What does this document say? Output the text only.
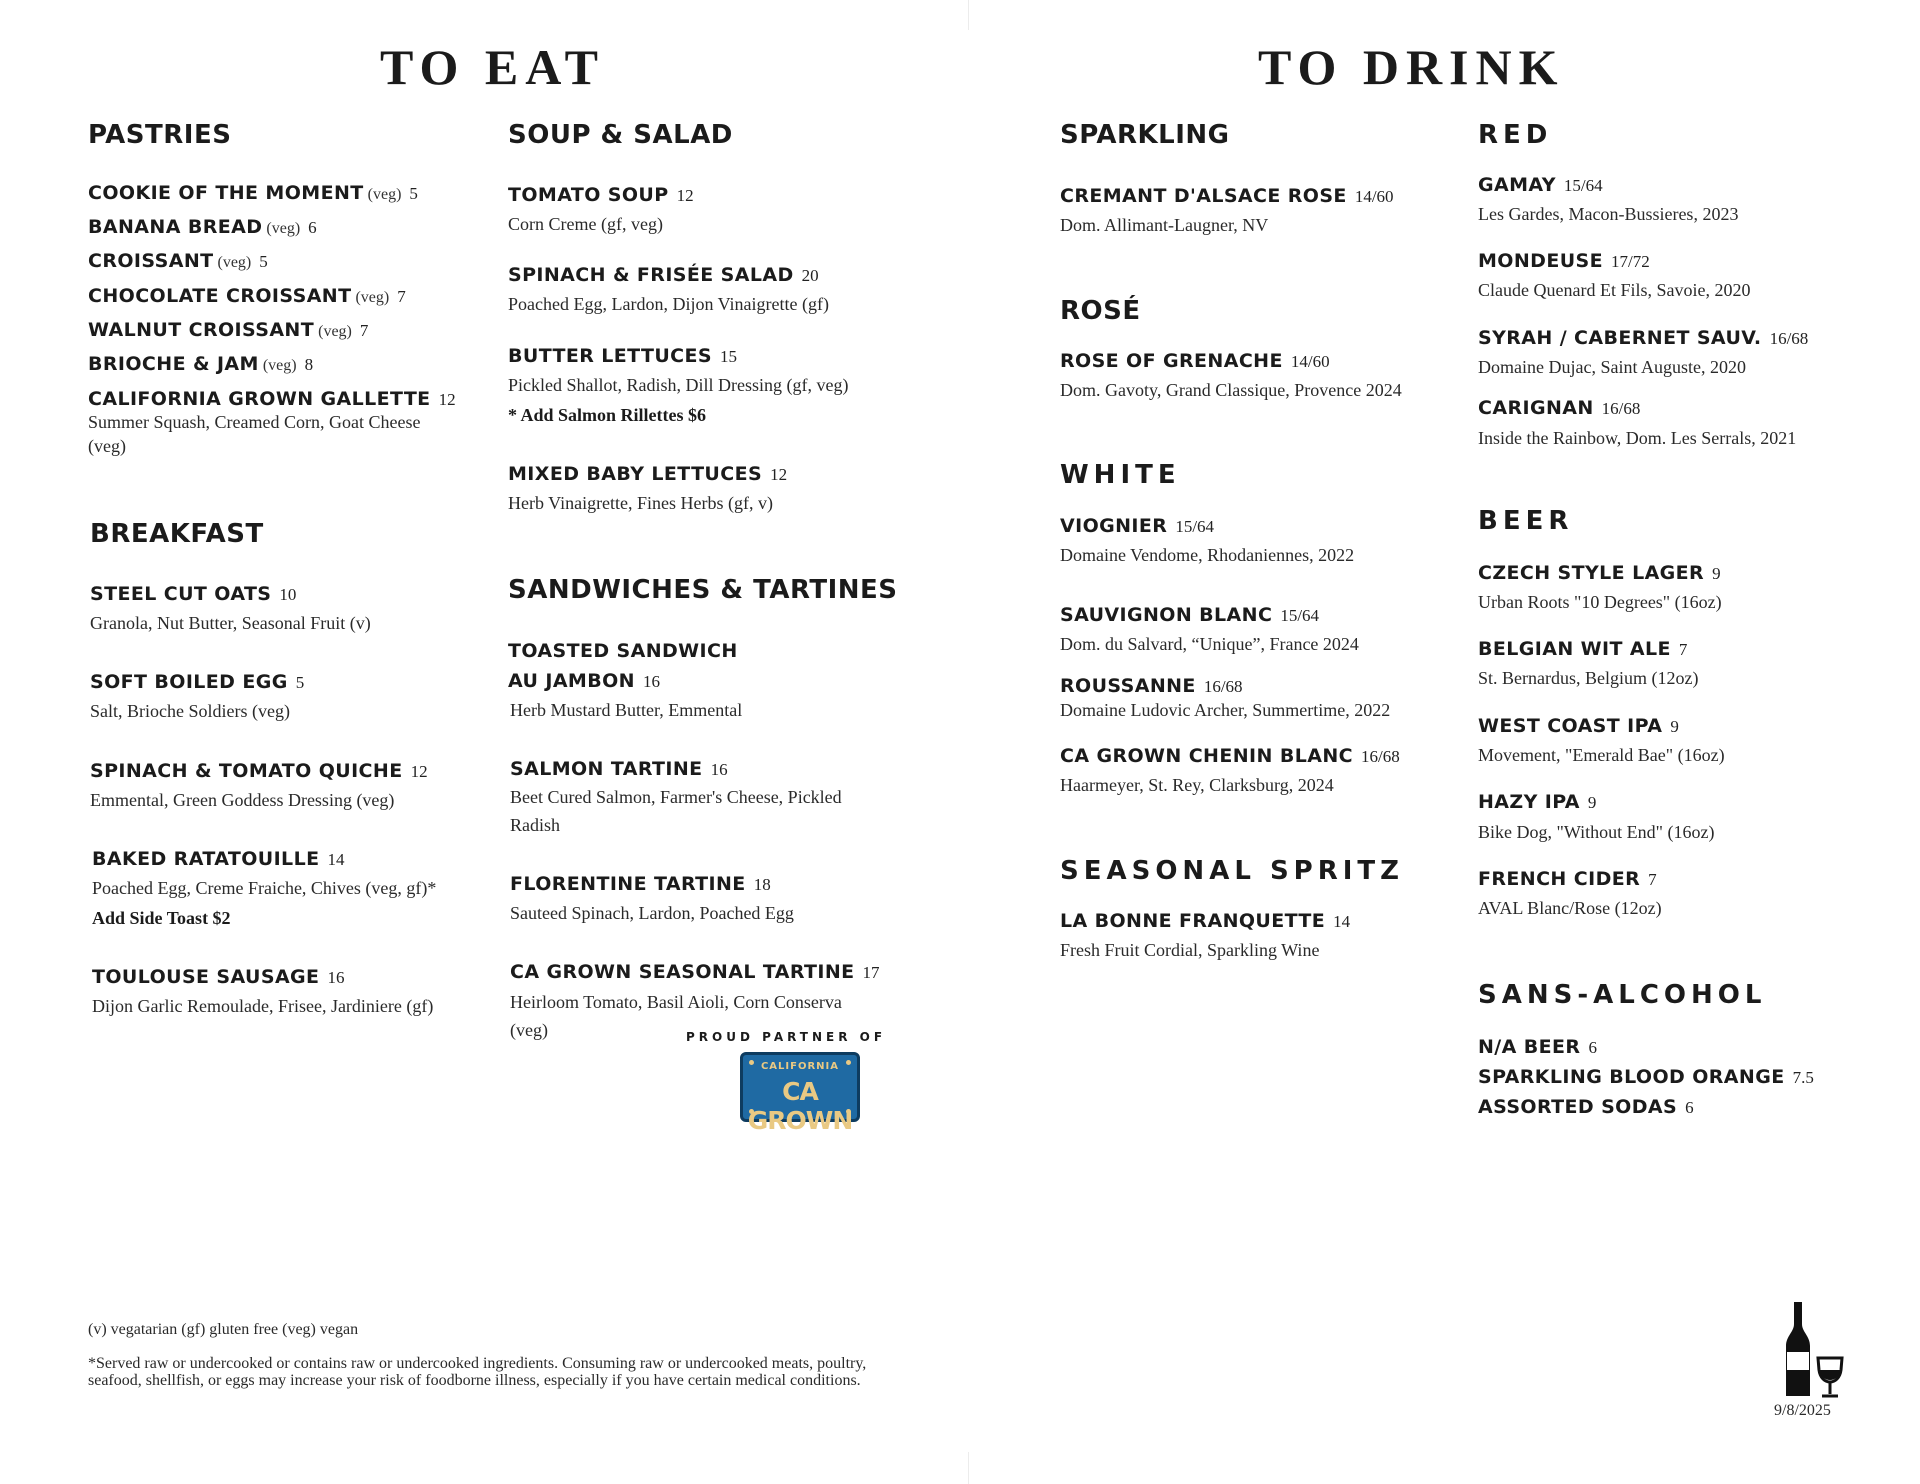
TO EAT	TO DRINK
PASTRIES
COOKIE OF THE MOMENT (veg) 5
BANANA BREAD (veg) 6
CROISSANT (veg) 5
CHOCOLATE CROISSANT (veg) 7
WALNUT CROISSANT (veg) 7
BRIOCHE & JAM (veg) 8
CALIFORNIA GROWN GALLETTE 12
Summer Squash, Creamed Corn, Goat Cheese (veg)
BREAKFAST
STEEL CUT OATS 10
Granola, Nut Butter, Seasonal Fruit (v)
SOFT BOILED EGG 5
Salt, Brioche Soldiers (veg)
SPINACH & TOMATO QUICHE 12
Emmental, Green Goddess Dressing (veg)
BAKED RATATOUILLE 14
Poached Egg, Creme Fraiche, Chives (veg, gf)*
Add Side Toast $2
TOULOUSE SAUSAGE 16
Dijon Garlic Remoulade, Frisee, Jardiniere (gf)
SOUP & SALAD
TOMATO SOUP 12
Corn Creme (gf, veg)
SPINACH & FRISÉE SALAD 20
Poached Egg, Lardon, Dijon Vinaigrette (gf)
BUTTER LETTUCES 15
Pickled Shallot, Radish, Dill Dressing (gf, veg)
* Add Salmon Rillettes $6
MIXED BABY LETTUCES 12
Herb Vinaigrette, Fines Herbs (gf, v)
SANDWICHES & TARTINES
TOASTED SANDWICH
AU JAMBON 16
Herb Mustard Butter, Emmental
SALMON TARTINE 16
Beet Cured Salmon, Farmer's Cheese, Pickled Radish
FLORENTINE TARTINE 18
Sauteed Spinach, Lardon, Poached Egg
CA GROWN SEASONAL TARTINE 17
Heirloom Tomato, Basil Aioli, Corn Conserva (veg)	PROUD PARTNER OF
CALIFORNIA
CA GROWN
SPARKLING
CREMANT D'ALSACE ROSE 14/60
Dom. Allimant-Laugner, NV
ROSÉ
ROSE OF GRENACHE 14/60
Dom. Gavoty, Grand Classique, Provence 2024
WHITE
VIOGNIER 15/64
Domaine Vendome, Rhodaniennes, 2022
SAUVIGNON BLANC 15/64
Dom. du Salvard, “Unique”, France 2024
ROUSSANNE 16/68
Domaine Ludovic Archer, Summertime, 2022
CA GROWN CHENIN BLANC 16/68
Haarmeyer, St. Rey, Clarksburg, 2024
SEASONAL SPRITZ
LA BONNE FRANQUETTE 14
Fresh Fruit Cordial, Sparkling Wine
RED
GAMAY 15/64
Les Gardes, Macon-Bussieres, 2023
MONDEUSE 17/72
Claude Quenard Et Fils, Savoie, 2020
SYRAH / CABERNET SAUV. 16/68
Domaine Dujac, Saint Auguste, 2020
CARIGNAN 16/68
Inside the Rainbow, Dom. Les Serrals, 2021
BEER
CZECH STYLE LAGER 9
Urban Roots "10 Degrees" (16oz)
BELGIAN WIT ALE 7
St. Bernardus, Belgium (12oz)
WEST COAST IPA 9
Movement, "Emerald Bae" (16oz)
HAZY IPA 9
Bike Dog, "Without End" (16oz)
FRENCH CIDER 7
AVAL Blanc/Rose (12oz)
SANS-ALCOHOL
N/A BEER 6
SPARKLING BLOOD ORANGE 7.5
ASSORTED SODAS 6
(v) vegatarian (gf) gluten free (veg) vegan
*Served raw or undercooked or contains raw or undercooked ingredients. Consuming raw or undercooked meats, poultry, seafood, shellfish, or eggs may increase your risk of foodborne illness, especially if you have certain medical conditions.
9/8/2025
